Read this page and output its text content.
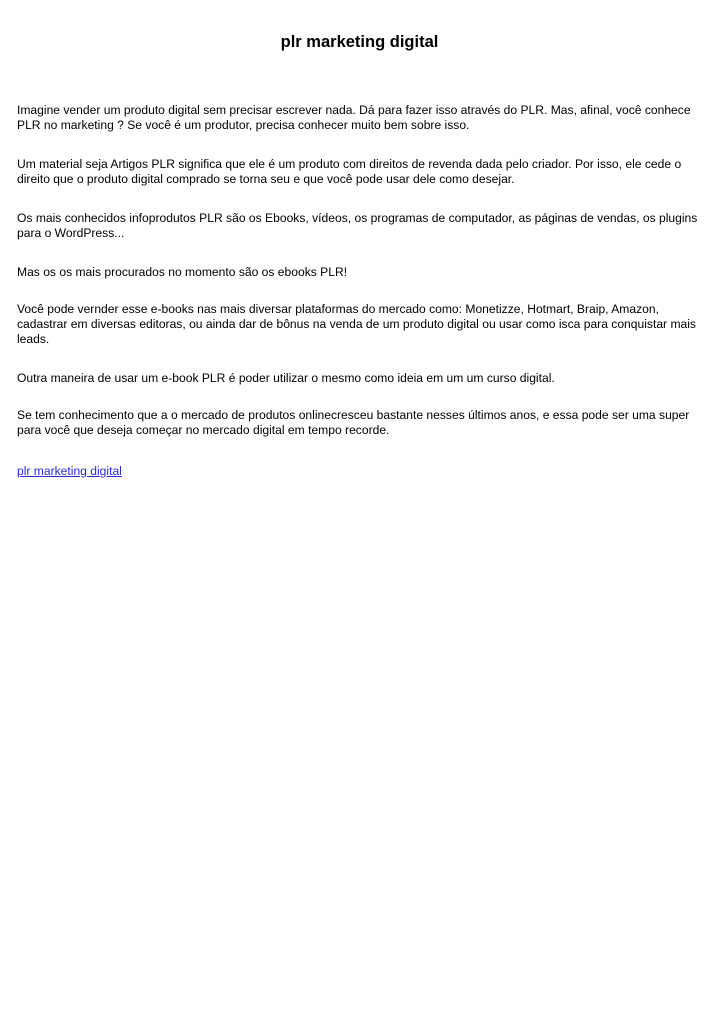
plr marketing digital

Imagine vender um produto digital sem precisar escrever nada. Dá para fazer isso através do PLR. Mas, afinal, você conhece PLR no marketing ? Se você é um produtor, precisa conhecer muito bem sobre isso.

Um material seja Artigos PLR significa que ele é um produto com direitos de revenda dada pelo criador. Por isso, ele cede o direito que o produto digital comprado se torna seu e que você pode usar dele como desejar.

Os mais conhecidos infoprodutos PLR são os Ebooks, vídeos, os programas de computador, as páginas de vendas, os plugins para o WordPress...

Mas os os mais procurados no momento são os ebooks PLR!

Você pode vernder esse e-books nas mais diversar plataformas do mercado como: Monetizze, Hotmart, Braip, Amazon, cadastrar em diversas editoras, ou ainda dar de bônus na venda de um produto digital ou usar como isca para conquistar mais leads.

Outra maneira de usar um e-book PLR é poder utilizar o mesmo como ideia em um um curso digital.

Se tem conhecimento que a o mercado de produtos onlinecresceu bastante nesses últimos anos, e essa pode ser uma super para você que deseja começar no mercado digital em tempo recorde.

plr marketing digital
